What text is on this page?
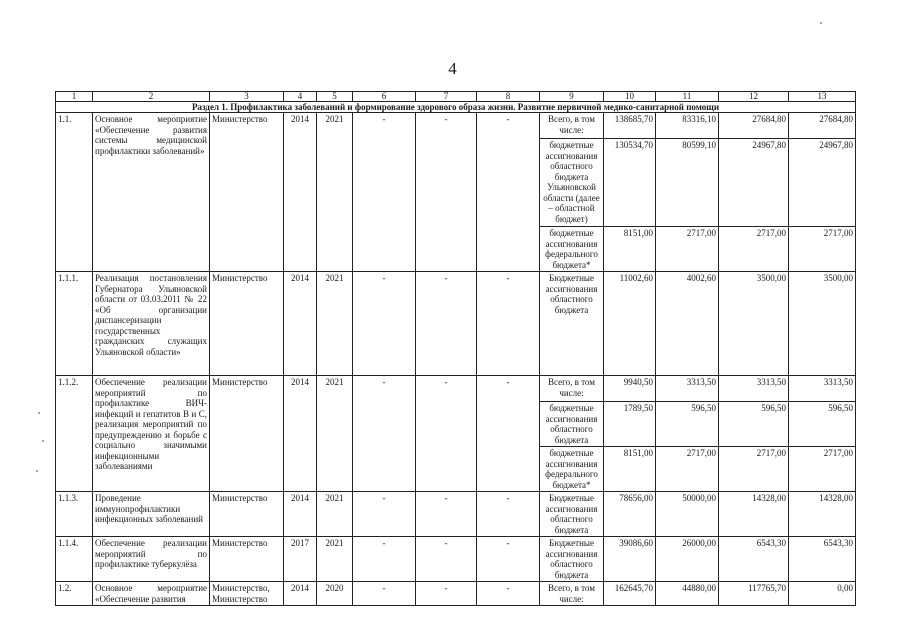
4
1	2	3	4	5	6	7	8	9	10	11	12	13
Раздел 1. Профилактика заболеваний и формирование здорового образа жизни. Развитие первичной медико-санитарной помощи												
1.1.	Основное мероприятие «Обеспечение развития системы медицинской профилактики заболеваний»	Министерство	2014	2021	-	-	-	Всего, в том числе:	138685,70	83316,10	27684,80	27684,80
								бюджетные ассигнования областного бюджета Ульяновской области (далее – областной бюджет)	130534,70	80599,10	24967,80	24967,80
								бюджетные ассигнования федерального бюджета*	8151,00	2717,00	2717,00	2717,00
1.1.1.	Реализация постановления Губернатора Ульяновской области от 03.03.2011 № 22 «Об организации диспансеризации государственных гражданских служащих Ульяновской области»	Министерство	2014	2021	-	-	-	Бюджетные ассигнования областного бюджета	11002,60	4002,60	3500,00	3500,00
1.1.2.	Обеспечение реализации мероприятий по профилактике ВИЧ-инфекций и гепатитов В и С, реализация мероприятий по предупреждению и борьбе с социально значимыми инфекционными заболеваниями	Министерство	2014	2021	-	-	-	Всего, в том числе:	9940,50	3313,50	3313,50	3313,50
								бюджетные ассигнования областного бюджета	1789,50	596,50	596,50	596,50
								бюджетные ассигнования федерального бюджета*	8151,00	2717,00	2717,00	2717,00
1.1.3.	Проведение иммунопрофилактики инфекционных заболеваний	Министерство	2014	2021	-	-	-	Бюджетные ассигнования областного бюджета	78656,00	50000,00	14328,00	14328,00
1.1.4.	Обеспечение реализации мероприятий по профилактике туберкулёза	Министерство	2017	2021	-	-	-	Бюджетные ассигнования областного бюджета	39086,60	26000,00	6543,30	6543,30
1.2.	Основное мероприятие «Обеспечение развития	Министерство, Министерство	2014	2020	-	-	-	Всего, в том числе:	162645,70	44880,00	117765,70	0,00
